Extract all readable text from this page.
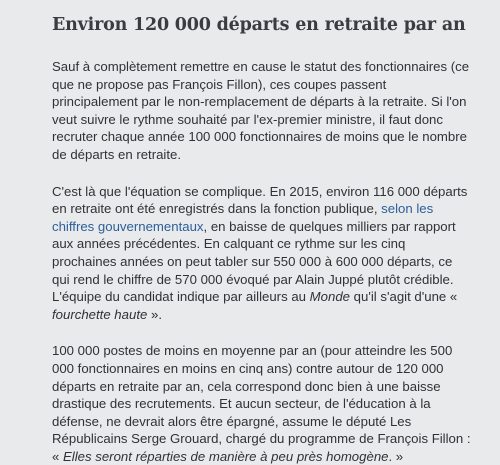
Environ 120 000 départs en retraite par an

Sauf à complètement remettre en cause le statut des fonctionnaires (ce que ne propose pas François Fillon), ces coupes passent principalement par le non-remplacement de départs à la retraite. Si l'on veut suivre le rythme souhaité par l'ex-premier ministre, il faut donc recruter chaque année 100 000 fonctionnaires de moins que le nombre de départs en retraite.

C'est là que l'équation se complique. En 2015, environ 116 000 départs en retraite ont été enregistrés dans la fonction publique, selon les chiffres gouvernementaux, en baisse de quelques milliers par rapport aux années précédentes. En calquant ce rythme sur les cinq prochaines années on peut tabler sur 550 000 à 600 000 départs, ce qui rend le chiffre de 570 000 évoqué par Alain Juppé plutôt crédible. L'équipe du candidat indique par ailleurs au Monde qu'il s'agit d'une « fourchette haute ».

100 000 postes de moins en moyenne par an (pour atteindre les 500 000 fonctionnaires en moins en cinq ans) contre autour de 120 000 départs en retraite par an, cela correspond donc bien à une baisse drastique des recrutements. Et aucun secteur, de l'éducation à la défense, ne devrait alors être épargné, assume le député Les Républicains Serge Grouard, chargé du programme de François Fillon : « Elles seront réparties de manière à peu près homogène. »
